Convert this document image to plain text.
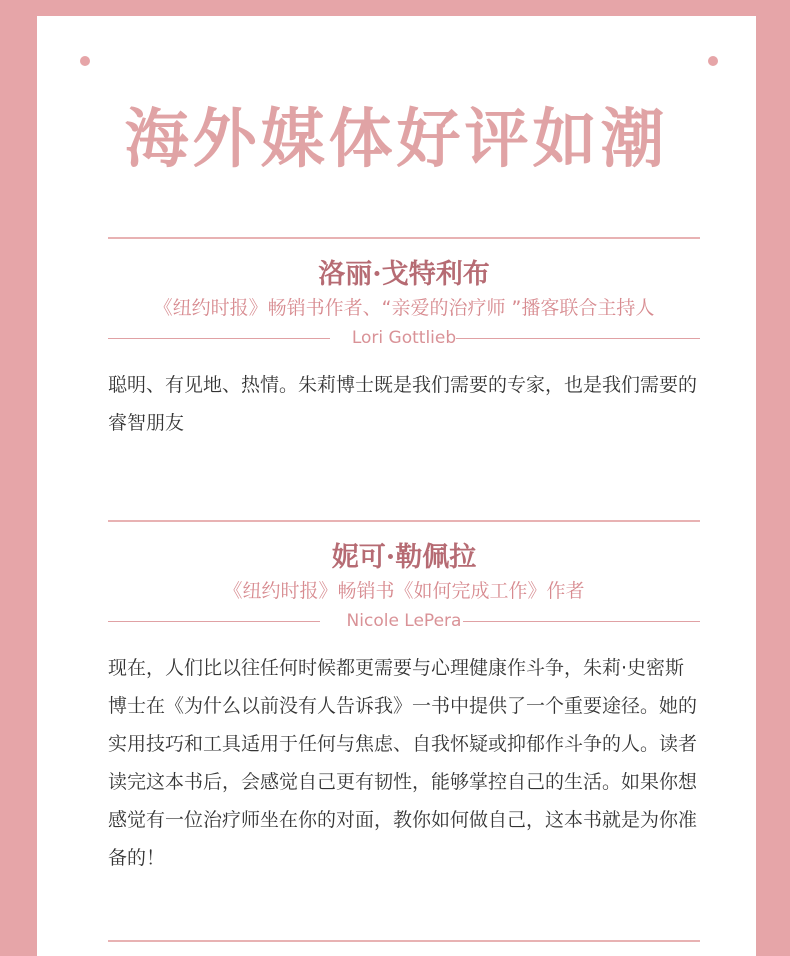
海外媒体好评如潮
洛丽·戈特利布
《纽约时报》畅销书作者、“亲爱的治疗师 ”播客联合主持人
Lori Gottlieb
聪明、有见地、热情。朱莉博士既是我们需要的专家，也是我们需要的睿智朋友
妮可·勒佩拉
《纽约时报》畅销书《如何完成工作》作者
Nicole LePera
现在，人们比以往任何时候都更需要与心理健康作斗争，朱莉·史密斯博士在《为什么以前没有人告诉我》一书中提供了一个重要途径。她的实用技巧和工具适用于任何与焦虑、自我怀疑或抑郁作斗争的人。读者读完这本书后，会感觉自己更有韧性，能够掌控自己的生活。如果你想感觉有一位治疗师坐在你的对面，教你如何做自己，这本书就是为你准备的！
